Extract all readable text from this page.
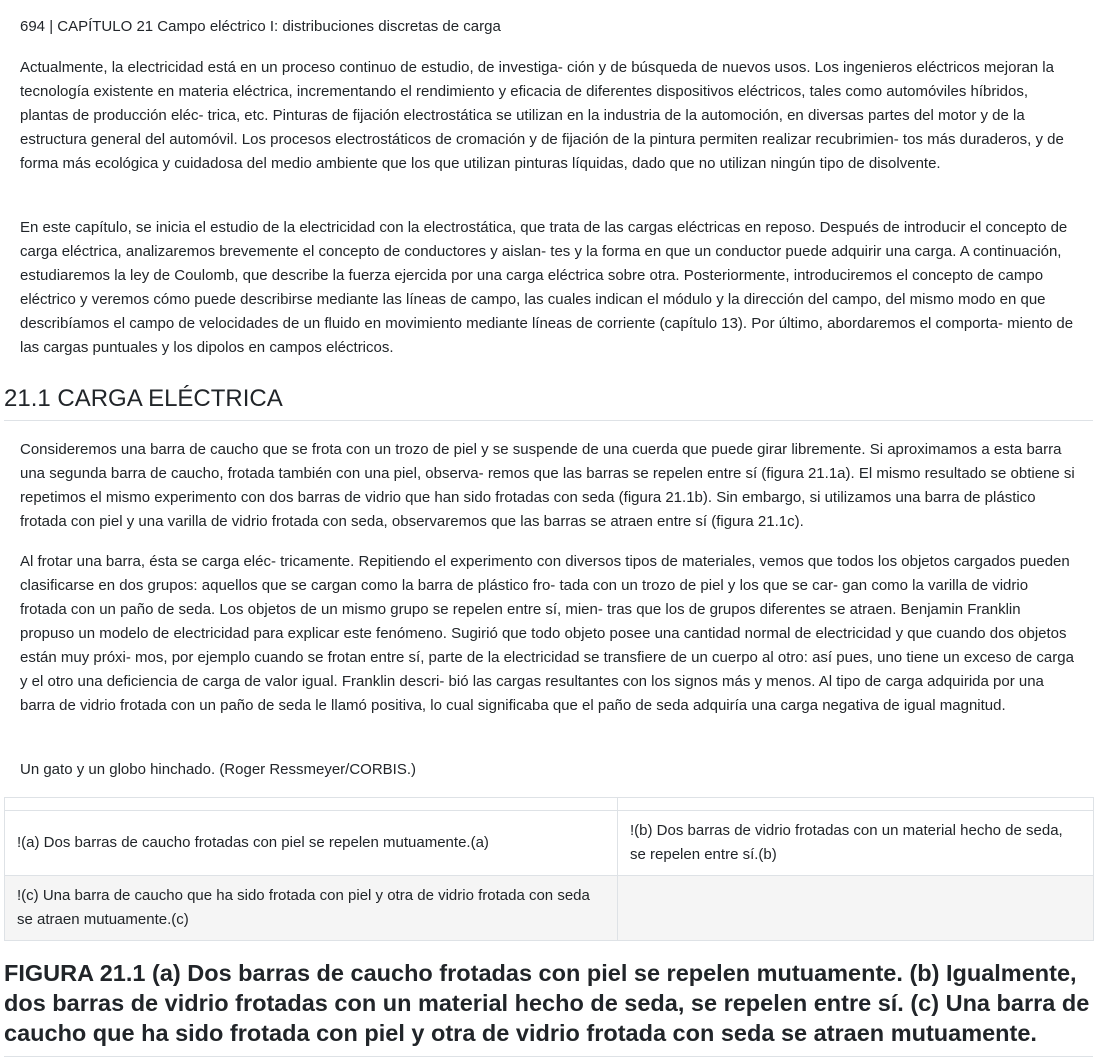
694 | CAPÍTULO 21 Campo eléctrico I: distribuciones discretas de carga

Actualmente, la electricidad está en un proceso continuo de estudio, de investiga- ción y de búsqueda de nuevos usos. Los ingenieros eléctricos mejoran la tecnología existente en materia eléctrica, incrementando el rendimiento y eficacia de diferentes dispositivos eléctricos, tales como automóviles híbridos, plantas de producción eléc- trica, etc. Pinturas de fijación electrostática se utilizan en la industria de la automoción, en diversas partes del motor y de la estructura general del automóvil. Los procesos electrostáticos de cromación y de fijación de la pintura permiten realizar recubrimien- tos más duraderos, y de forma más ecológica y cuidadosa del medio ambiente que los que utilizan pinturas líquidas, dado que no utilizan ningún tipo de disolvente.

En este capítulo, se inicia el estudio de la electricidad con la electrostática, que trata de las cargas eléctricas en reposo. Después de introducir el concepto de carga eléctrica, analizaremos brevemente el concepto de conductores y aislan- tes y la forma en que un conductor puede adquirir una carga. A continuación, estudiaremos la ley de Coulomb, que describe la fuerza ejercida por una carga eléctrica sobre otra. Posteriormente, introduciremos el concepto de campo eléctrico y veremos cómo puede describirse mediante las líneas de campo, las cuales indican el módulo y la dirección del campo, del mismo modo en que describíamos el campo de velocidades de un fluido en movimiento mediante líneas de corriente (capítulo 13). Por último, abordaremos el comporta- miento de las cargas puntuales y los dipolos en campos eléctricos.

21.1 CARGA ELÉCTRICA

Consideremos una barra de caucho que se frota con un trozo de piel y se suspende de una cuerda que puede girar libremente. Si aproximamos a esta barra una segunda barra de caucho, frotada también con una piel, observa- remos que las barras se repelen entre sí (figura 21.1a). El mismo resultado se obtiene si repetimos el mismo experimento con dos barras de vidrio que han sido frotadas con seda (figura 21.1b). Sin embargo, si utilizamos una barra de plástico frotada con piel y una varilla de vidrio frotada con seda, observaremos que las barras se atraen entre sí (figura 21.1c).

Al frotar una barra, ésta se carga eléc- tricamente. Repitiendo el experimento con diversos tipos de materiales, vemos que todos los objetos cargados pueden clasificarse en dos grupos: aquellos que se cargan como la barra de plástico fro- tada con un trozo de piel y los que se car- gan como la varilla de vidrio frotada con un paño de seda. Los objetos de un mismo grupo se repelen entre sí, mien- tras que los de grupos diferentes se atraen. Benjamin Franklin propuso un modelo de electricidad para explicar este fenómeno. Sugirió que todo objeto posee una cantidad normal de electricidad y que cuando dos objetos están muy próxi- mos, por ejemplo cuando se frotan entre sí, parte de la electricidad se transfiere de un cuerpo al otro: así pues, uno tiene un exceso de carga y el otro una deficiencia de carga de valor igual. Franklin descri- bió las cargas resultantes con los signos más y menos. Al tipo de carga adquirida por una barra de vidrio frotada con un paño de seda le llamó positiva, lo cual significaba que el paño de seda adquiría una carga negativa de igual magnitud.

Un gato y un globo hinchado. (Roger Ressmeyer/CORBIS.)

!(a) Dos barras de caucho frotadas con piel se repelen mutuamente.(a)	!(b) Dos barras de vidrio frotadas con un material hecho de seda, se repelen entre sí.(b)
!(c) Una barra de caucho que ha sido frotada con piel y otra de vidrio frotada con seda se atraen mutuamente.(c)	
FIGURA 21.1 (a) Dos barras de caucho frotadas con piel se repelen mutuamente. (b) Igualmente, dos barras de vidrio frotadas con un material hecho de seda, se repelen entre sí. (c) Una barra de caucho que ha sido frotada con piel y otra de vidrio frotada con seda se atraen mutuamente.
